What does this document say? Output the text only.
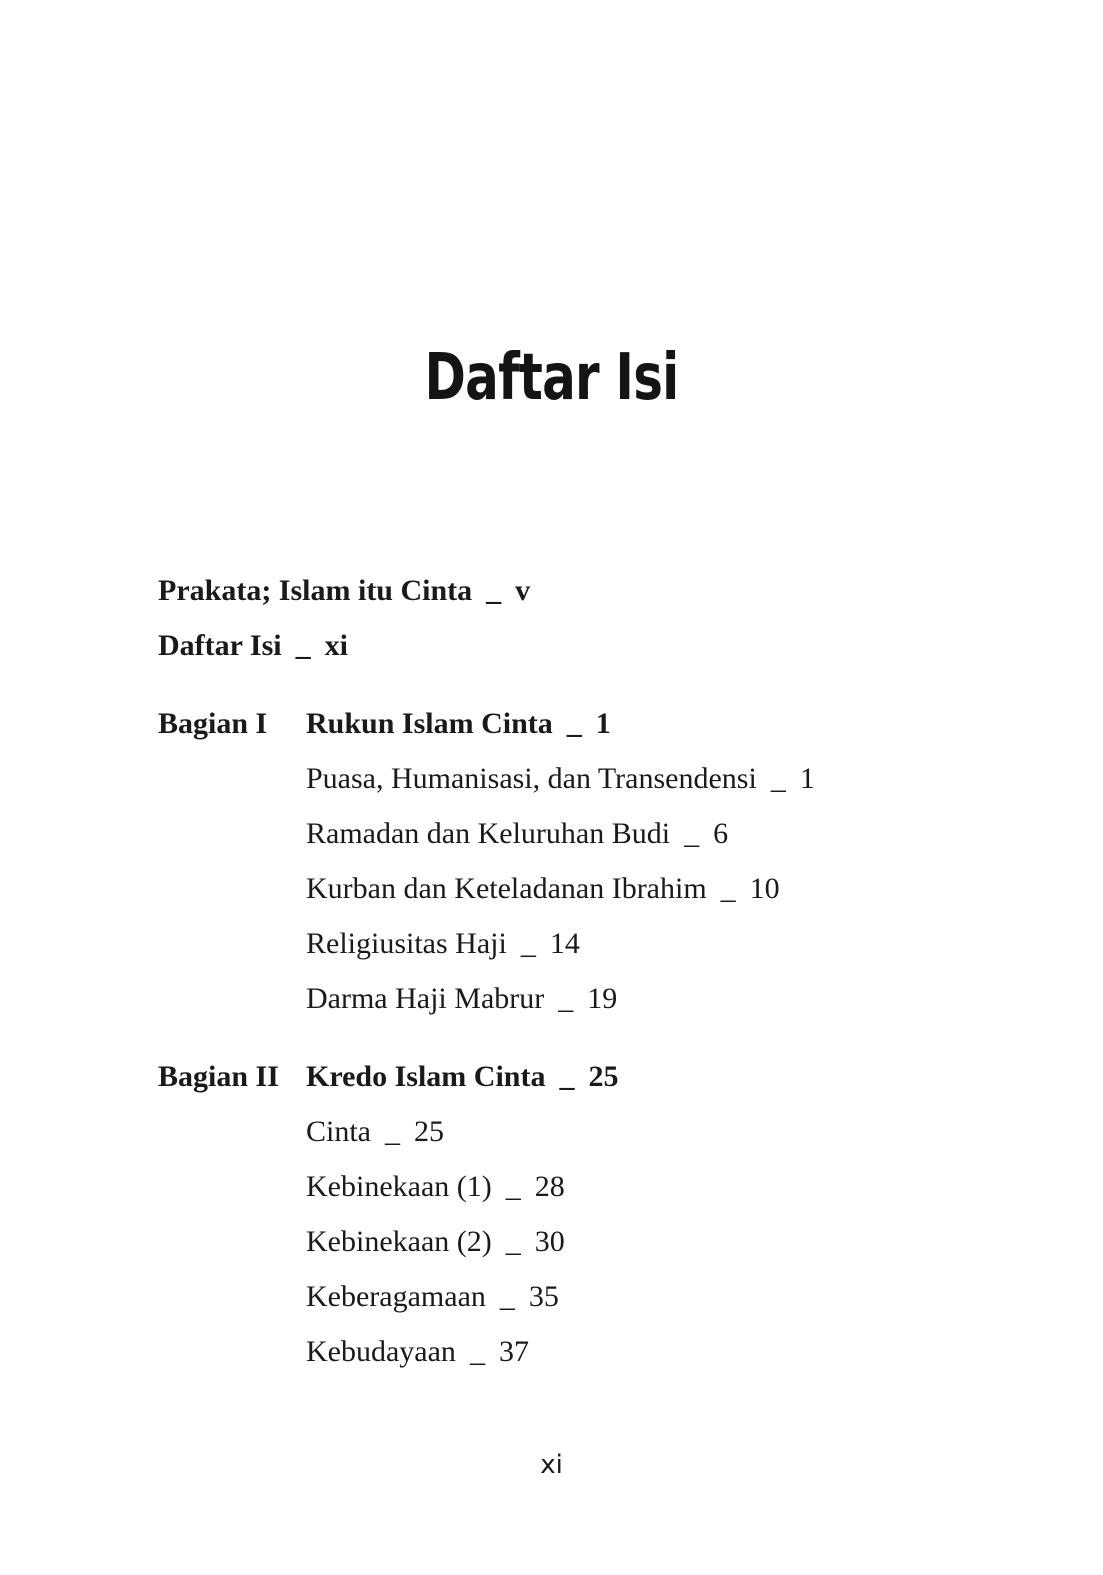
Daftar Isi
Prakata; Islam itu Cinta _ v
Daftar Isi _ xi
Bagian I Rukun Islam Cinta _ 1
Puasa, Humanisasi, dan Transendensi _ 1
Ramadan dan Keluruhan Budi _ 6
Kurban dan Keteladanan Ibrahim _ 10
Religiusitas Haji _ 14
Darma Haji Mabrur _ 19
Bagian II Kredo Islam Cinta _ 25
Cinta _ 25
Kebinekaan (1) _ 28
Kebinekaan (2) _ 30
Keberagamaan _ 35
Kebudayaan _ 37
xi
